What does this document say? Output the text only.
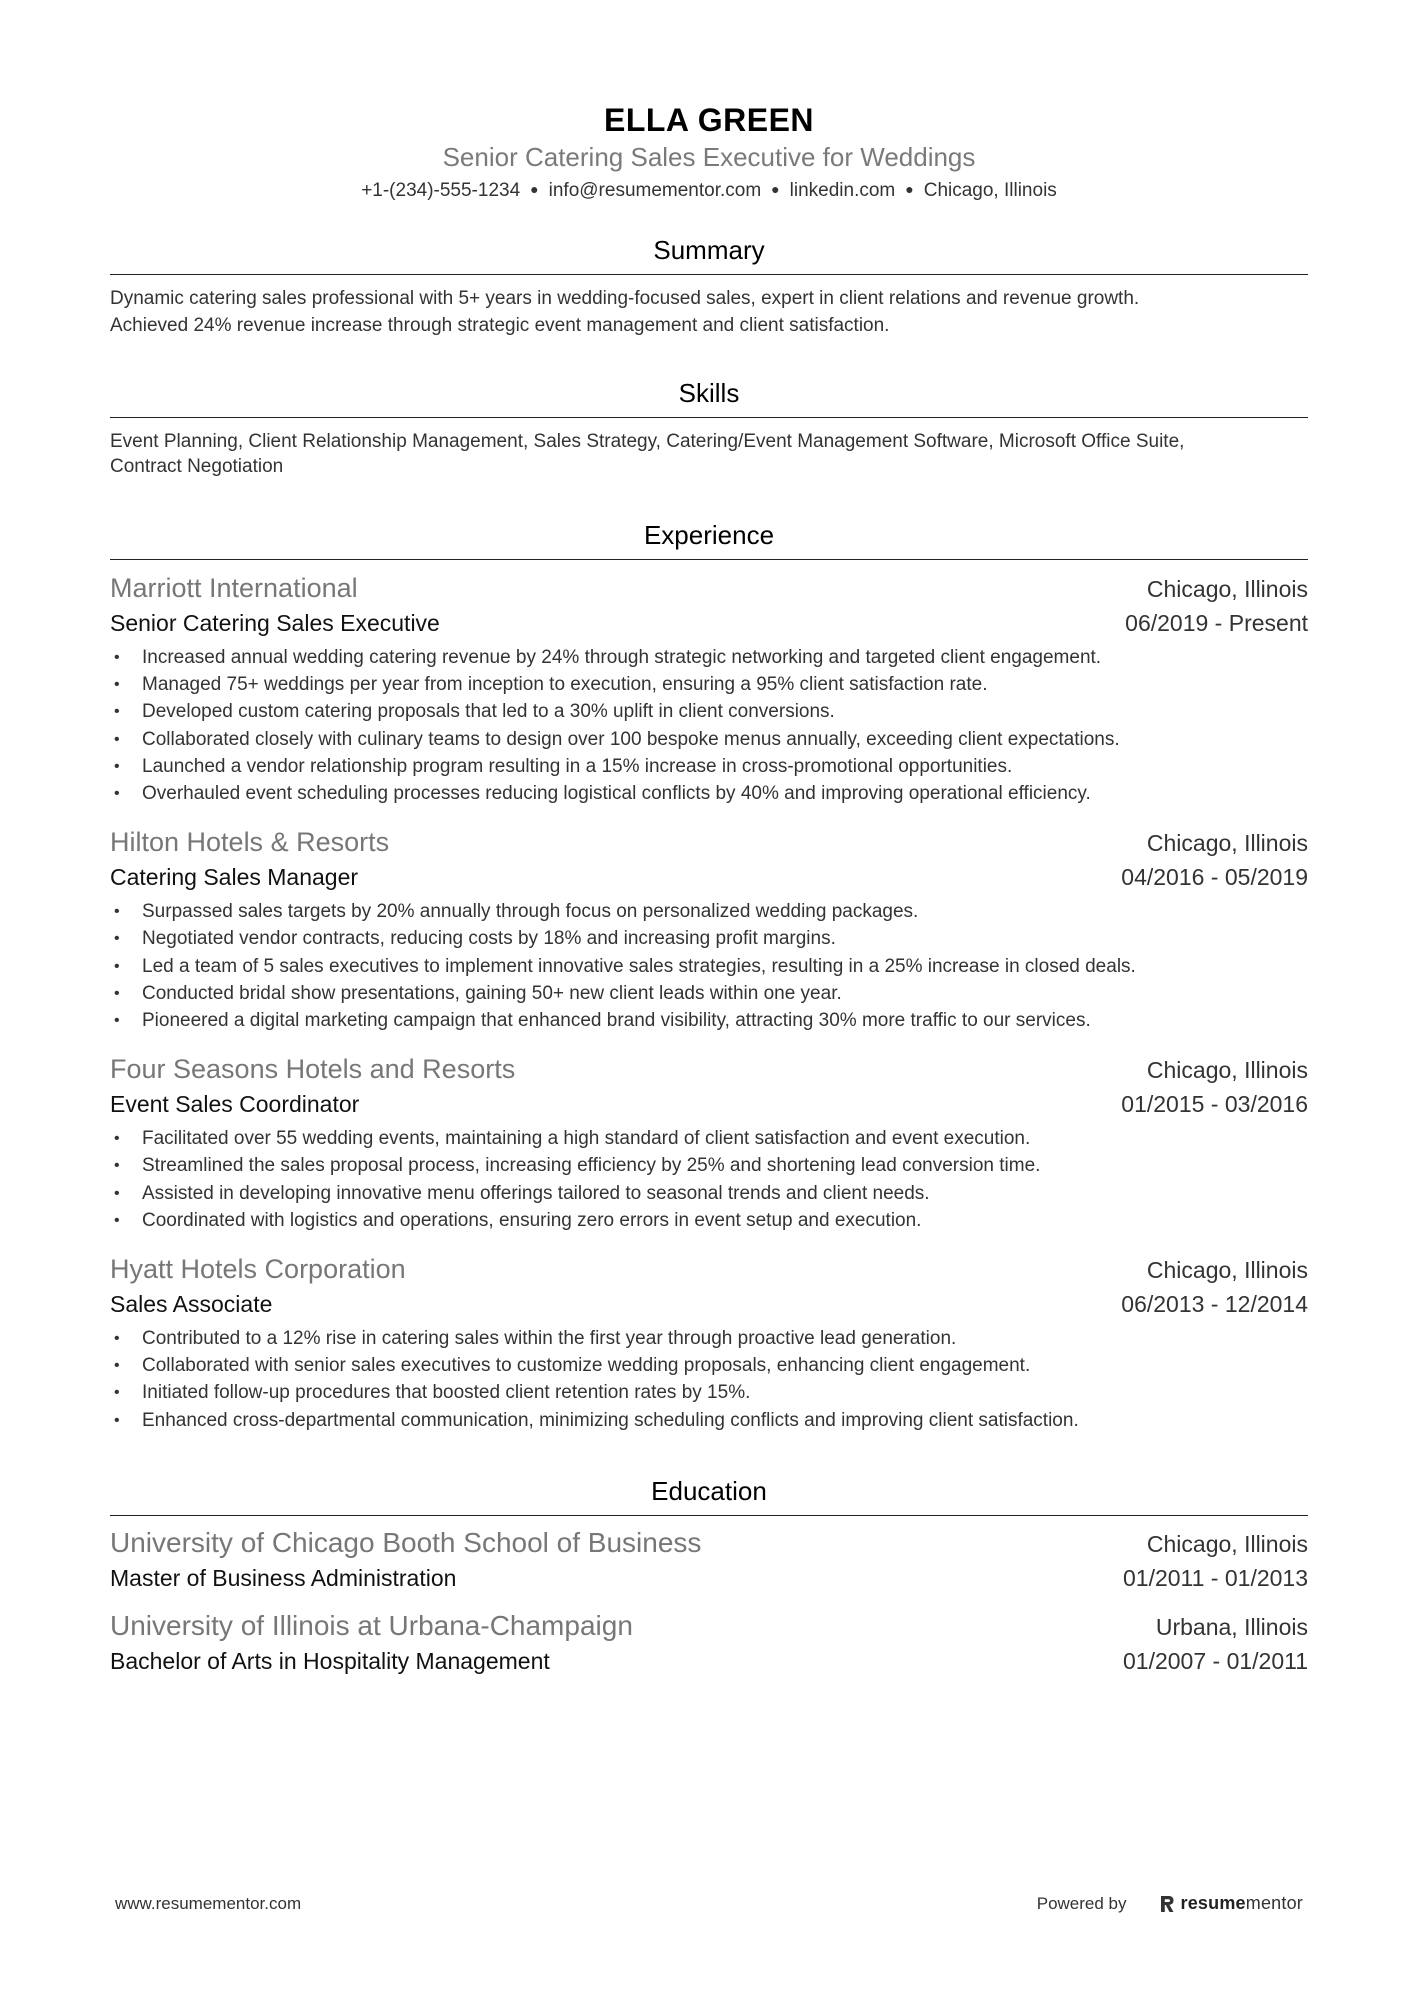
ELLA GREEN
Senior Catering Sales Executive for Weddings
+1-(234)-555-1234 ● info@resumementor.com ● linkedin.com ● Chicago, Illinois
Summary
Dynamic catering sales professional with 5+ years in wedding-focused sales, expert in client relations and revenue growth.
Achieved 24% revenue increase through strategic event management and client satisfaction.
Skills
Event Planning, Client Relationship Management, Sales Strategy, Catering/Event Management Software, Microsoft Office Suite,
Contract Negotiation
Experience
Marriott International	Chicago, Illinois
Senior Catering Sales Executive	06/2019 - Present
• Increased annual wedding catering revenue by 24% through strategic networking and targeted client engagement.
• Managed 75+ weddings per year from inception to execution, ensuring a 95% client satisfaction rate.
• Developed custom catering proposals that led to a 30% uplift in client conversions.
• Collaborated closely with culinary teams to design over 100 bespoke menus annually, exceeding client expectations.
• Launched a vendor relationship program resulting in a 15% increase in cross-promotional opportunities.
• Overhauled event scheduling processes reducing logistical conflicts by 40% and improving operational efficiency.
Hilton Hotels & Resorts	Chicago, Illinois
Catering Sales Manager	04/2016 - 05/2019
• Surpassed sales targets by 20% annually through focus on personalized wedding packages.
• Negotiated vendor contracts, reducing costs by 18% and increasing profit margins.
• Led a team of 5 sales executives to implement innovative sales strategies, resulting in a 25% increase in closed deals.
• Conducted bridal show presentations, gaining 50+ new client leads within one year.
• Pioneered a digital marketing campaign that enhanced brand visibility, attracting 30% more traffic to our services.
Four Seasons Hotels and Resorts	Chicago, Illinois
Event Sales Coordinator	01/2015 - 03/2016
• Facilitated over 55 wedding events, maintaining a high standard of client satisfaction and event execution.
• Streamlined the sales proposal process, increasing efficiency by 25% and shortening lead conversion time.
• Assisted in developing innovative menu offerings tailored to seasonal trends and client needs.
• Coordinated with logistics and operations, ensuring zero errors in event setup and execution.
Hyatt Hotels Corporation	Chicago, Illinois
Sales Associate	06/2013 - 12/2014
• Contributed to a 12% rise in catering sales within the first year through proactive lead generation.
• Collaborated with senior sales executives to customize wedding proposals, enhancing client engagement.
• Initiated follow-up procedures that boosted client retention rates by 15%.
• Enhanced cross-departmental communication, minimizing scheduling conflicts and improving client satisfaction.
Education
University of Chicago Booth School of Business	Chicago, Illinois
Master of Business Administration	01/2011 - 01/2013
University of Illinois at Urbana-Champaign	Urbana, Illinois
Bachelor of Arts in Hospitality Management	01/2007 - 01/2011
www.resumementor.com	Powered by	resumementor
